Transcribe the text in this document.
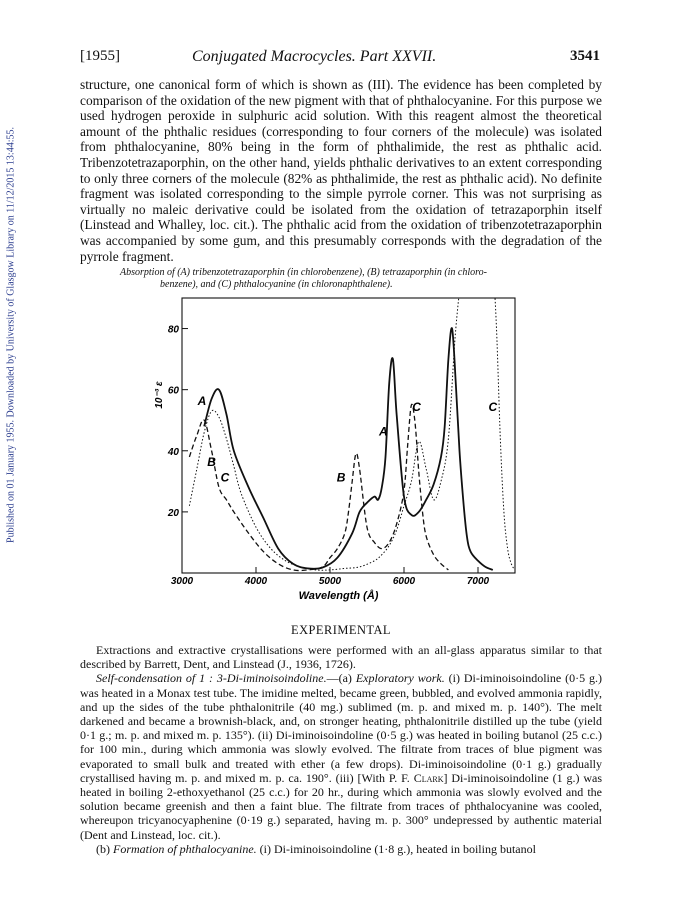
[1955]	Conjugated Macrocycles. Part XXVII.	3541
Published on 01 January 1955. Downloaded by University of Glasgow Library on 11/12/2015 13:44:55.
structure, one canonical form of which is shown as (III). The evidence has been completed by comparison of the oxidation of the new pigment with that of phthalocyanine. For this purpose we used hydrogen peroxide in sulphuric acid solution. With this reagent almost the theoretical amount of the phthalic residues (corresponding to four corners of the molecule) was isolated from phthalocyanine, 80% being in the form of phthalimide, the rest as phthalic acid. Tribenzotetrazaporphin, on the other hand, yields phthalic derivatives to an extent corresponding to only three corners of the molecule (82% as phthalimide, the rest as phthalic acid). No definite fragment was isolated corresponding to the simple pyrrole corner. This was not surprising as virtually no maleic derivative could be isolated from the oxidation of tetrazaporphin itself (Linstead and Whalley, loc. cit.). The phthalic acid from the oxidation of tribenzotetrazaporphin was accompanied by some gum, and this presumably corresponds with the degradation of the pyrrole fragment.
Absorption of (A) tribenzotetrazaporphin (in chlorobenzene), (B) tetrazaporphin (in chloro-
benzene), and (C) phthalocyanine (in chloronaphthalene).
20
40
60
80
3000	4000	5000	6000	7000
Wavelength (Å)
10⁻³ ε	A
B
C	B
A
C	C
EXPERIMENTAL

Extractions and extractive crystallisations were performed with an all-glass apparatus similar to that described by Barrett, Dent, and Linstead (J., 1936, 1726).

Self-condensation of 1 : 3-Di-iminoisoindoline.—(a) Exploratory work. (i) Di-iminoisoindoline (0·5 g.) was heated in a Monax test tube. The imidine melted, became green, bubbled, and evolved ammonia rapidly, and up the sides of the tube phthalonitrile (40 mg.) sublimed (m. p. and mixed m. p. 140°). The melt darkened and became a brownish-black, and, on stronger heating, phthalonitrile distilled up the tube (yield 0·1 g.; m. p. and mixed m. p. 135°). (ii) Di-iminoisoindoline (0·5 g.) was heated in boiling butanol (25 c.c.) for 100 min., during which ammonia was slowly evolved. The filtrate from traces of blue pigment was evaporated to small bulk and treated with ether (a few drops). Di-iminoisoindoline (0·1 g.) gradually crystallised having m. p. and mixed m. p. ca. 190°. (iii) [With P. F. Clark] Di-iminoisoindoline (1 g.) was heated in boiling 2-ethoxyethanol (25 c.c.) for 20 hr., during which ammonia was slowly evolved and the solution became greenish and then a faint blue. The filtrate from traces of phthalocyanine was cooled, whereupon tricyanocyaphenine (0·19 g.) separated, having m. p. 300° undepressed by authentic material (Dent and Linstead, loc. cit.).

(b) Formation of phthalocyanine. (i) Di-iminoisoindoline (1·8 g.), heated in boiling butanol
